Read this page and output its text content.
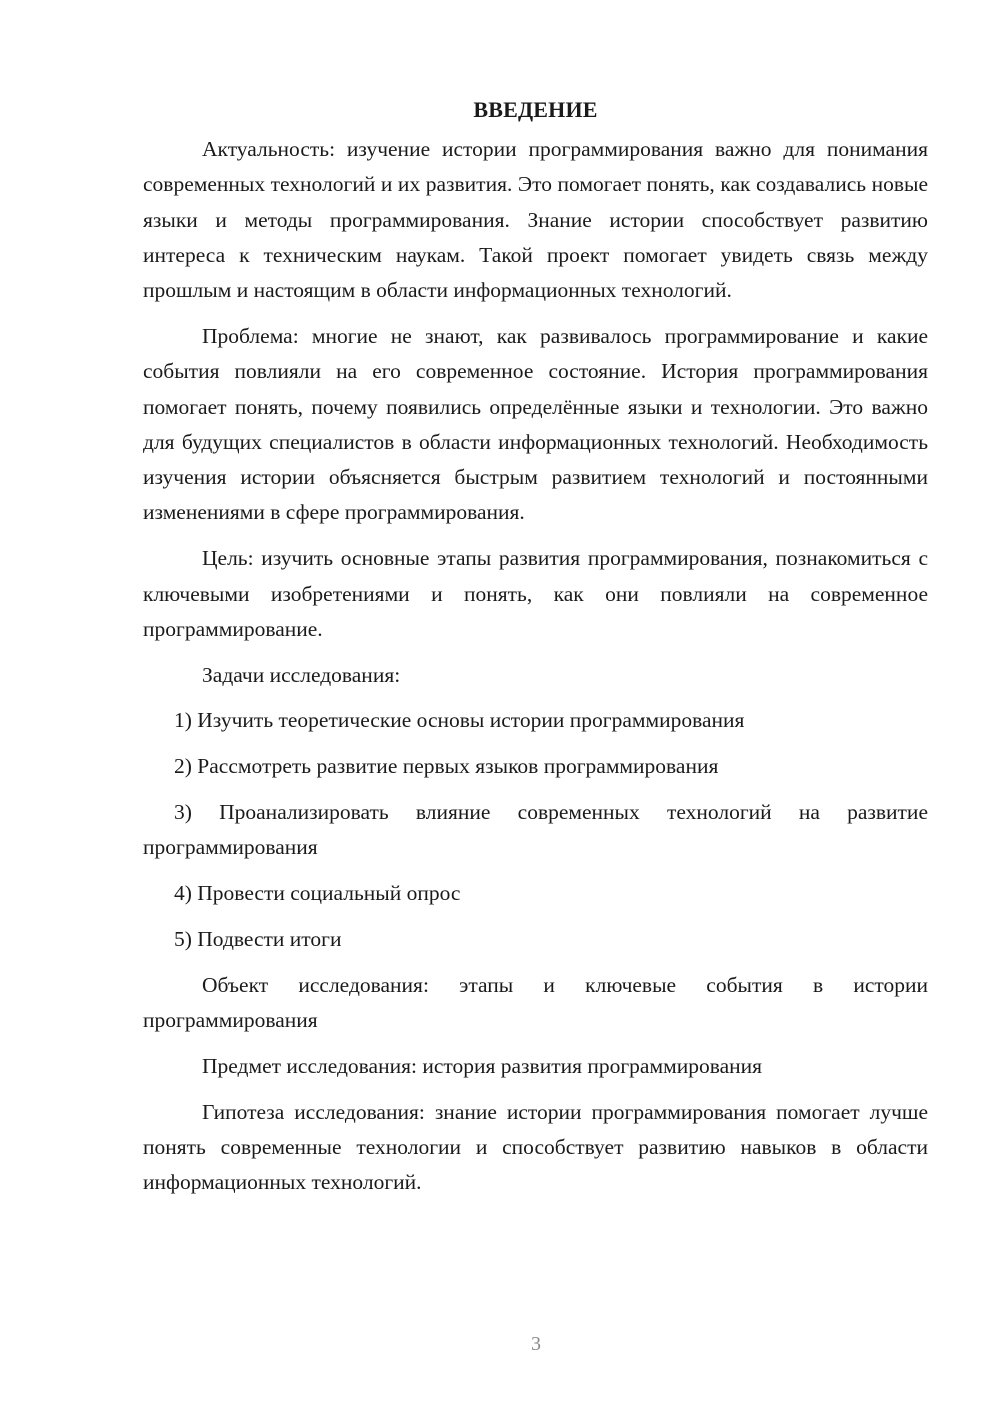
ВВЕДЕНИЕ

Актуальность: изучение истории программирования важно для понимания современных технологий и их развития. Это помогает понять, как создавались новые языки и методы программирования. Знание истории способствует развитию интереса к техническим наукам. Такой проект помогает увидеть связь между прошлым и настоящим в области информационных технологий.

Проблема: многие не знают, как развивалось программирование и какие события повлияли на его современное состояние. История программирования помогает понять, почему появились определённые языки и технологии. Это важно для будущих специалистов в области информационных технологий. Необходимость изучения истории объясняется быстрым развитием технологий и постоянными изменениями в сфере программирования.

Цель: изучить основные этапы развития программирования, познакомиться с ключевыми изобретениями и понять, как они повлияли на современное программирование.

Задачи исследования:

1) Изучить теоретические основы истории программирования

2) Рассмотреть развитие первых языков программирования

3) Проанализировать влияние современных технологий на развитие программирования

4) Провести социальный опрос

5) Подвести итоги

Объект исследования: этапы и ключевые события в истории программирования

Предмет исследования: история развития программирования

Гипотеза исследования: знание истории программирования помогает лучше понять современные технологии и способствует развитию навыков в области информационных технологий.

3
